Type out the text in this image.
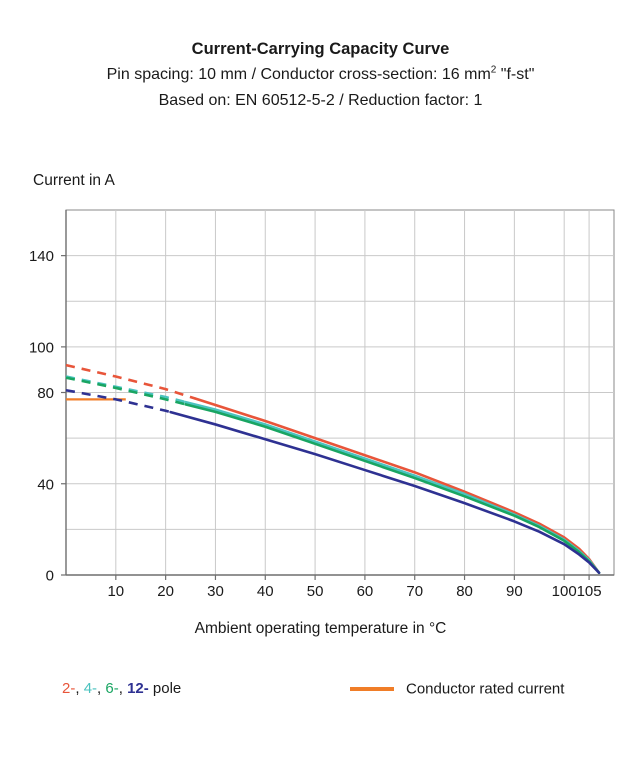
Current-Carrying Capacity Curve
Pin spacing: 10 mm / Conductor cross-section: 16 $mm^2$ "f-st"
Based on: EN 60512-5-2 / Reduction factor: 1
Current in A
Ambient operating temperature in °C
0
40
80
100
140
10 20 30 40 50 60 70 80 90 100 105
2-, 4-, 6-, 12- pole	Conductor rated current
